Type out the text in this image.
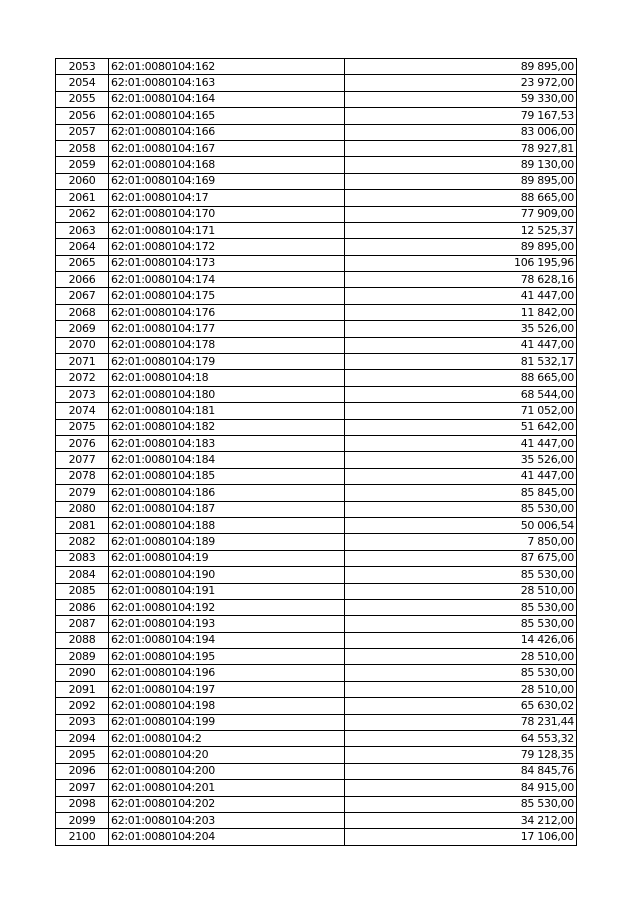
2053	62:01:0080104:162	89 895,00
2054	62:01:0080104:163	23 972,00
2055	62:01:0080104:164	59 330,00
2056	62:01:0080104:165	79 167,53
2057	62:01:0080104:166	83 006,00
2058	62:01:0080104:167	78 927,81
2059	62:01:0080104:168	89 130,00
2060	62:01:0080104:169	89 895,00
2061	62:01:0080104:17	88 665,00
2062	62:01:0080104:170	77 909,00
2063	62:01:0080104:171	12 525,37
2064	62:01:0080104:172	89 895,00
2065	62:01:0080104:173	106 195,96
2066	62:01:0080104:174	78 628,16
2067	62:01:0080104:175	41 447,00
2068	62:01:0080104:176	11 842,00
2069	62:01:0080104:177	35 526,00
2070	62:01:0080104:178	41 447,00
2071	62:01:0080104:179	81 532,17
2072	62:01:0080104:18	88 665,00
2073	62:01:0080104:180	68 544,00
2074	62:01:0080104:181	71 052,00
2075	62:01:0080104:182	51 642,00
2076	62:01:0080104:183	41 447,00
2077	62:01:0080104:184	35 526,00
2078	62:01:0080104:185	41 447,00
2079	62:01:0080104:186	85 845,00
2080	62:01:0080104:187	85 530,00
2081	62:01:0080104:188	50 006,54
2082	62:01:0080104:189	7 850,00
2083	62:01:0080104:19	87 675,00
2084	62:01:0080104:190	85 530,00
2085	62:01:0080104:191	28 510,00
2086	62:01:0080104:192	85 530,00
2087	62:01:0080104:193	85 530,00
2088	62:01:0080104:194	14 426,06
2089	62:01:0080104:195	28 510,00
2090	62:01:0080104:196	85 530,00
2091	62:01:0080104:197	28 510,00
2092	62:01:0080104:198	65 630,02
2093	62:01:0080104:199	78 231,44
2094	62:01:0080104:2	64 553,32
2095	62:01:0080104:20	79 128,35
2096	62:01:0080104:200	84 845,76
2097	62:01:0080104:201	84 915,00
2098	62:01:0080104:202	85 530,00
2099	62:01:0080104:203	34 212,00
2100	62:01:0080104:204	17 106,00
